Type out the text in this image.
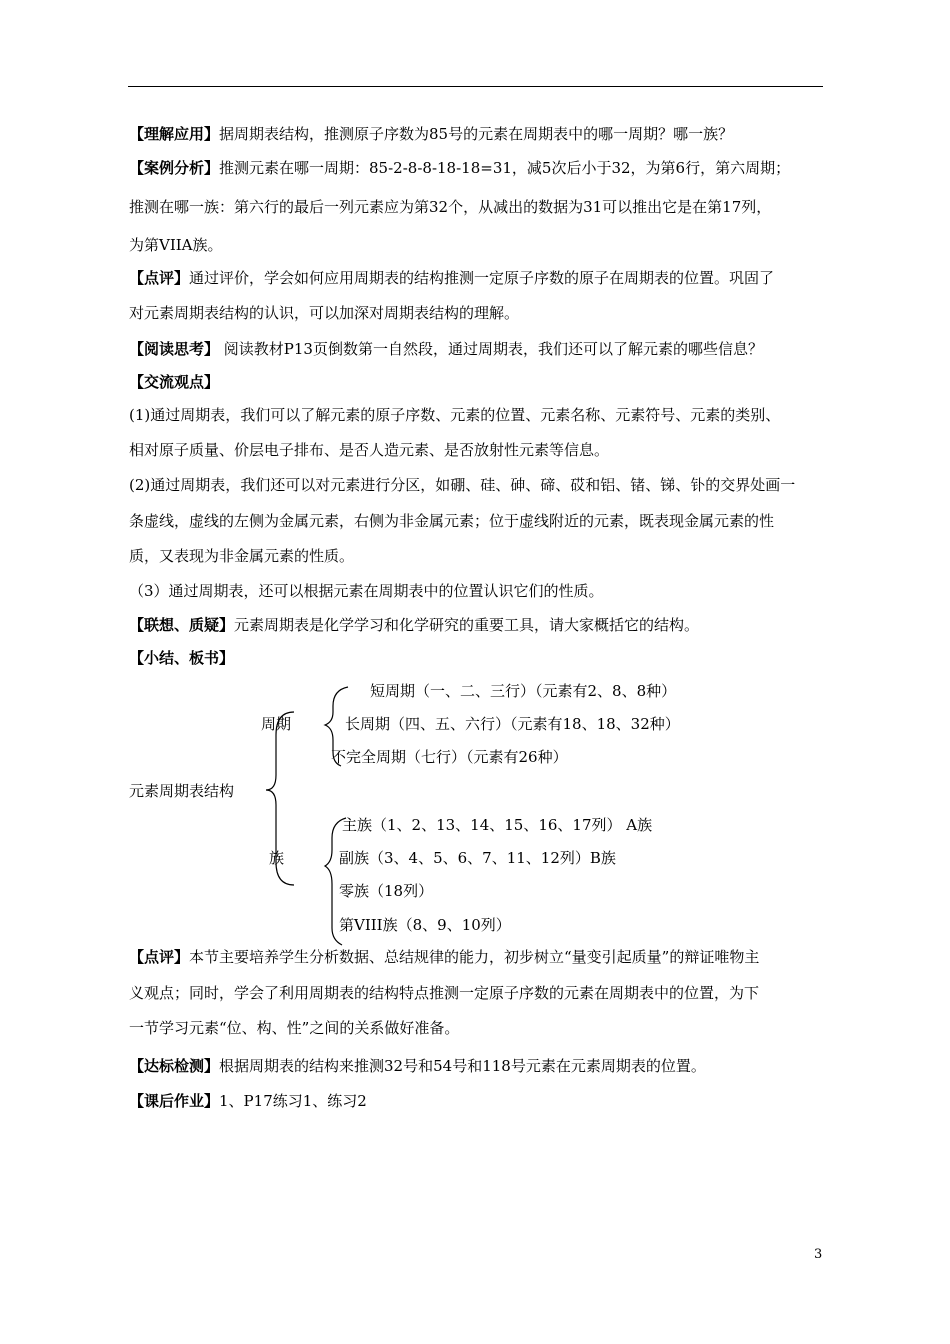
【理解应用】据周期表结构，推测原子序数为85号的元素在周期表中的哪一周期？哪一族？
【案例分析】推测元素在哪一周期：85-2-8-8-18-18=31，减5次后小于32，为第6行，第六周期；
推测在哪一族：第六行的最后一列元素应为第32个，从减出的数据为31可以推出它是在第17列，
为第VIIA族。
【点评】通过评价，学会如何应用周期表的结构推测一定原子序数的原子在周期表的位置。巩固了
对元素周期表结构的认识，可以加深对周期表结构的理解。
【阅读思考】 阅读教材P13页倒数第一自然段，通过周期表，我们还可以了解元素的哪些信息？
【交流观点】
(1)通过周期表，我们可以了解元素的原子序数、元素的位置、元素名称、元素符号、元素的类别、
相对原子质量、价层电子排布、是否人造元素、是否放射性元素等信息。
(2)通过周期表，我们还可以对元素进行分区，如硼、硅、砷、碲、砹和铝、锗、锑、钋的交界处画一
条虚线，虚线的左侧为金属元素，右侧为非金属元素；位于虚线附近的元素，既表现金属元素的性
质，又表现为非金属元素的性质。
（3）通过周期表，还可以根据元素在周期表中的位置认识它们的性质。
【联想、质疑】元素周期表是化学学习和化学研究的重要工具，请大家概括它的结构。
【小结、板书】
元素周期表结构
周期
族
短周期（一、二、三行）（元素有2、8、8种）
长周期（四、五、六行）（元素有18、18、32种）
不完全周期（七行）（元素有26种）
主族（1、2、13、14、15、16、17列） A族
副族（3、4、5、6、7、11、12列）B族
零族（18列）
第VIII族（8、9、10列）
【点评】本节主要培养学生分析数据、总结规律的能力，初步树立“量变引起质量”的辩证唯物主
义观点；同时，学会了利用周期表的结构特点推测一定原子序数的元素在周期表中的位置，为下
一节学习元素“位、构、性”之间的关系做好准备。
【达标检测】根据周期表的结构来推测32号和54号和118号元素在元素周期表的位置。
【课后作业】1、P17练习1、练习2
3
